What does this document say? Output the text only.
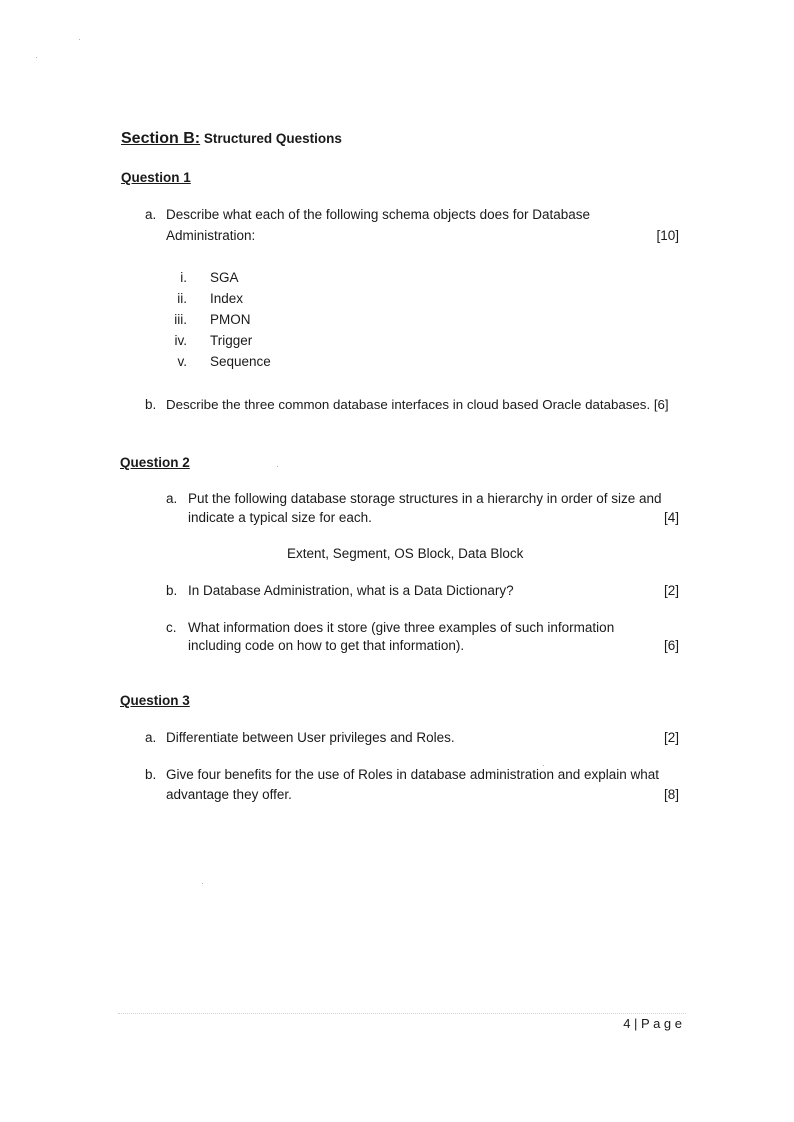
Section B: Structured Questions
Question 1
a. Describe what each of the following schema objects does for Database
Administration:	[10]
i. SGA
ii. Index
iii. PMON
iv. Trigger
v. Sequence
b. Describe the three common database interfaces in cloud based Oracle databases. [6]
Question 2
a. Put the following database storage structures in a hierarchy in order of size and
indicate a typical size for each.	[4]
Extent, Segment, OS Block, Data Block
b. In Database Administration, what is a Data Dictionary?	[2]
c. What information does it store (give three examples of such information
including code on how to get that information).	[6]
Question 3
a. Differentiate between User privileges and Roles.	[2]
b. Give four benefits for the use of Roles in database administration and explain what
advantage they offer.	[8]
4 | P a g e
